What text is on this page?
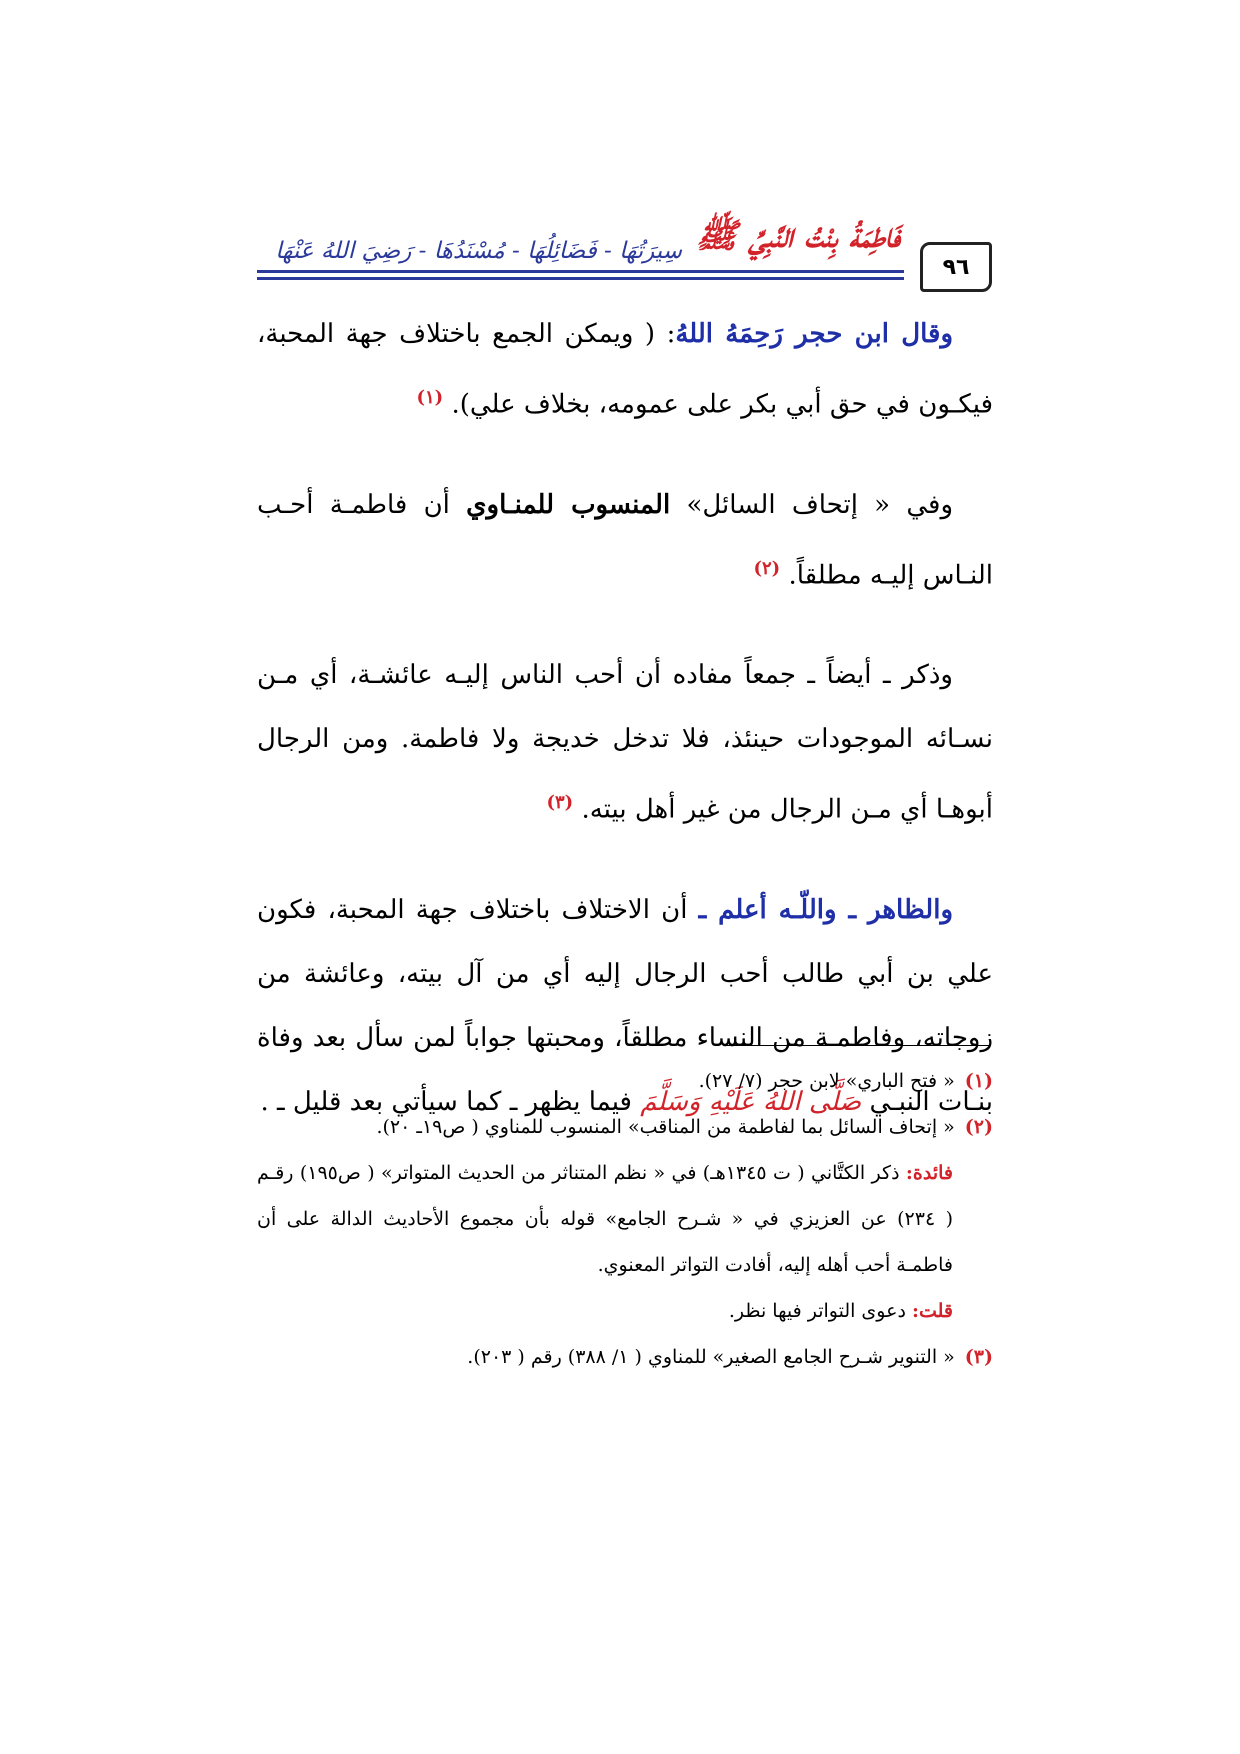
٩٦
فَاطِمَةُ بِنْتُ النَّبِيِّ ﷺ
سِيرَتُهَا - فَضَائِلُهَا - مُسْنَدُهَا - رَضِيَ اللهُ عَنْهَا

وقال ابن حجر رَحِمَهُ اللهُ: ( ويمكن الجمع باختلاف جهة المحبة، فيكـون في حق أبي بكر على عمومه، بخلاف علي). $^{(١)}$

وفي « إتحاف السائل» المنسوب للمنـاوي أن فاطمـة أحـب النـاس إليـه مطلقاً. $^{(٢)}$

وذكر ـ أيضاً ـ جمعاً مفاده أن أحب الناس إليـه عائشـة، أي مـن نسـائه الموجودات حينئذ، فلا تدخل خديجة ولا فاطمة. ومن الرجال أبوهـا أي مـن الرجال من غير أهل بيته. $^{(٣)}$

والظاهر ـ واللّـه أعلم ـ أن الاختلاف باختلاف جهة المحبة، فكون علي بن أبي طالب أحب الرجال إليه أي من آل بيته، وعائشة من زوجاته، وفاطمـة من النساء مطلقاً، ومحبتها جواباً لمن سأل بعد وفاة بنـات النبـي صَلَّى اللهُ عَلَيْهِ وَسَلَّمَ فيما يظهر ـ كما سيأتي بعد قليل ـ .

(١)« فتح الباري» لابن حجر (٧/ ٢٧).

(٢)« إتحاف السائل بما لفاطمة من المناقب» المنسوب للمناوي ( ص١٩ـ ٢٠).

فائدة: ذكر الكتَّاني ( ت ١٣٤٥هـ) في « نظم المتناثر من الحديث المتواتر» ( ص١٩٥) رقـم ( ٢٣٤) عن العزيزي في « شـرح الجامع» قوله بأن مجموع الأحاديث الدالة على أن فاطمـة أحب أهله إليه، أفادت التواتر المعنوي.

قلت: دعوى التواتر فيها نظر.

(٣)« التنوير شـرح الجامع الصغير» للمناوي ( ١/ ٣٨٨) رقم ( ٢٠٣).
